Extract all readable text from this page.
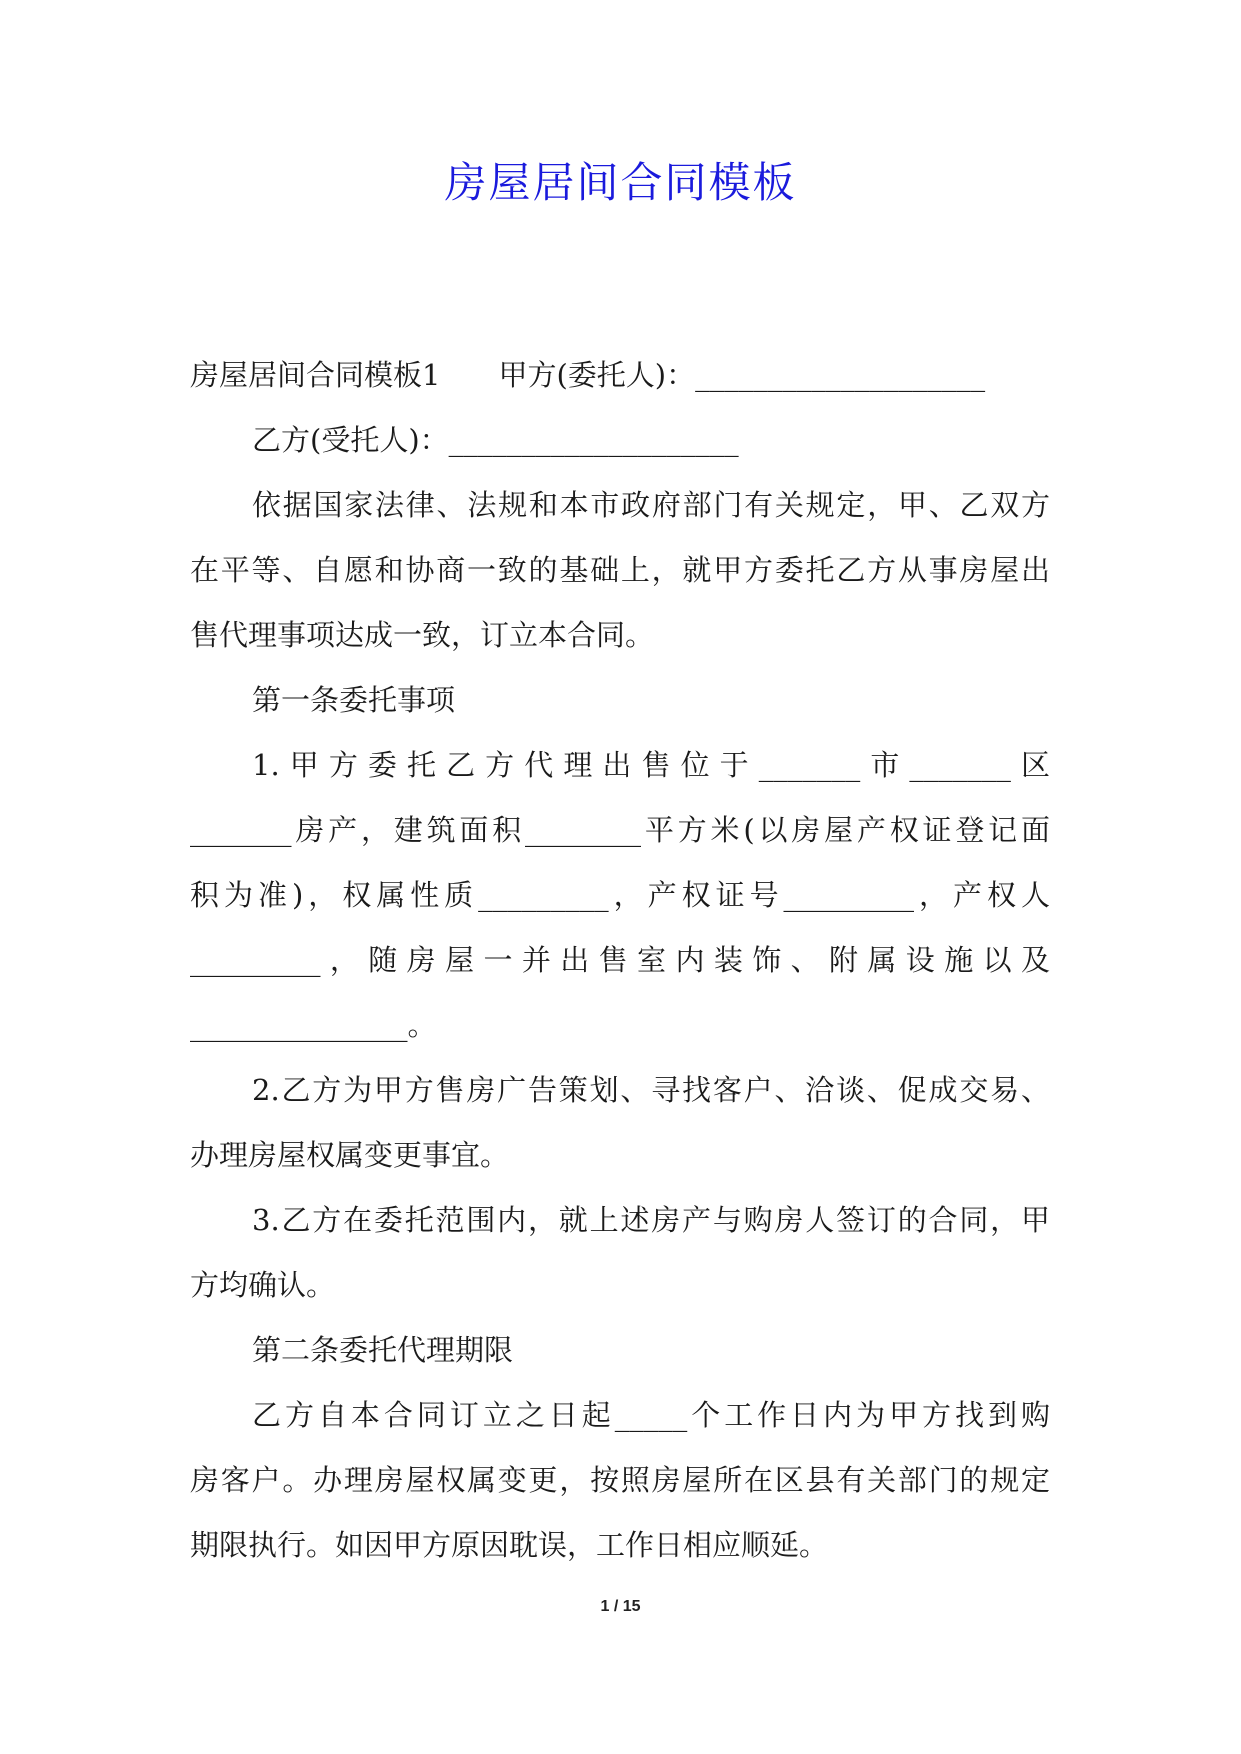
房屋居间合同模板
房屋居间合同模板1　　甲方(委托人)：____________________
乙方(受托人)：____________________
依据国家法律、法规和本市政府部门有关规定，甲、乙双方
在平等、自愿和协商一致的基础上，就甲方委托乙方从事房屋出
售代理事项达成一致，订立本合同。
第一条委托事项
1.甲方委托乙方代理出售位于_______市_______区
_______房产，建筑面积________平方米(以房屋产权证登记面
积为准)，权属性质_________，产权证号_________，产权人
_________，随房屋一并出售室内装饰、附属设施以及
_______________。
2.乙方为甲方售房广告策划、寻找客户、洽谈、促成交易、
办理房屋权属变更事宜。
3.乙方在委托范围内，就上述房产与购房人签订的合同，甲
方均确认。
第二条委托代理期限
乙方自本合同订立之日起_____个工作日内为甲方找到购
房客户。办理房屋权属变更，按照房屋所在区县有关部门的规定
期限执行。如因甲方原因耽误，工作日相应顺延。
1 / 15
